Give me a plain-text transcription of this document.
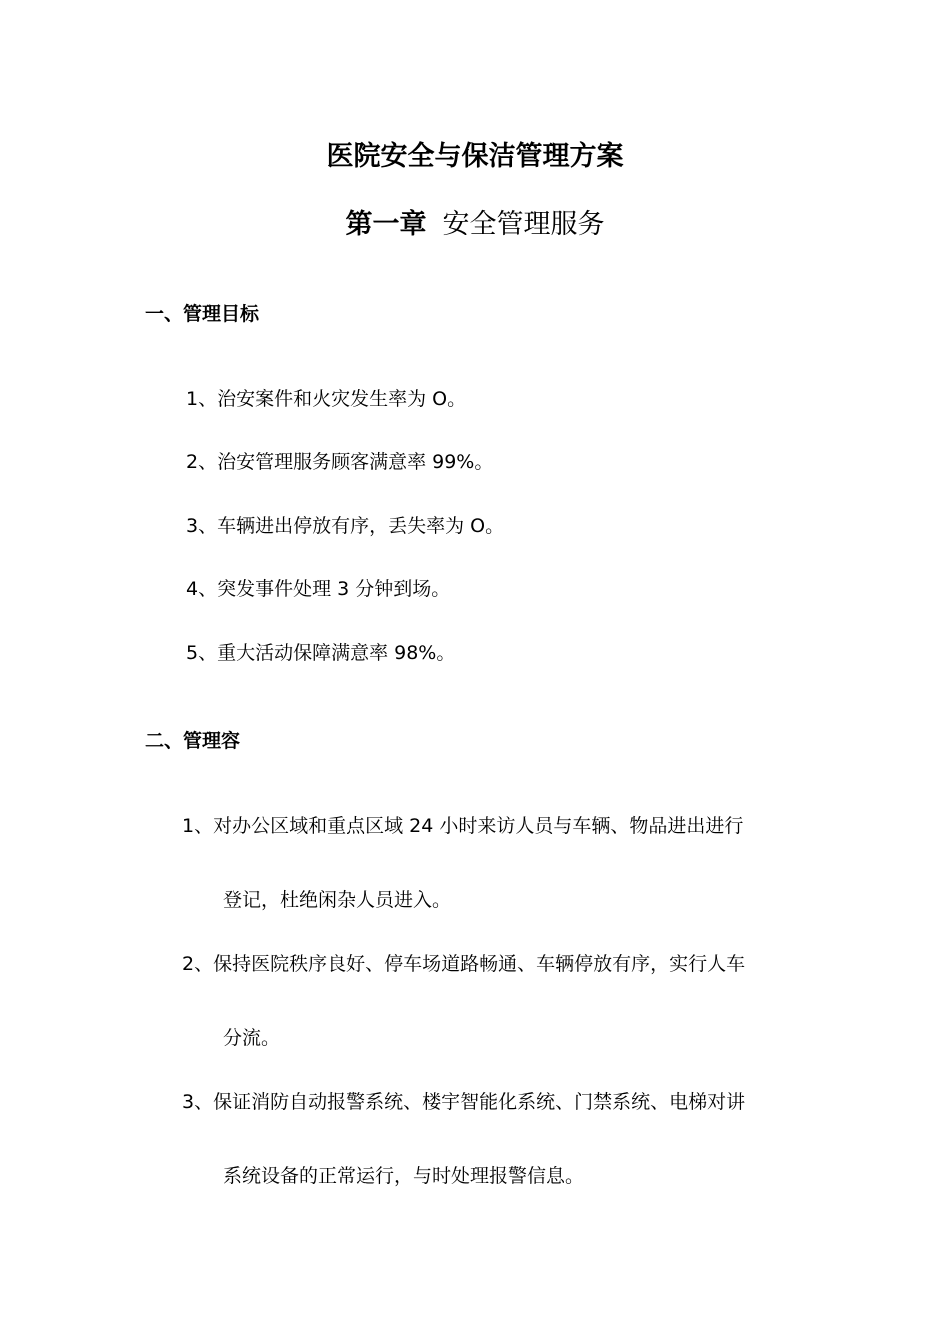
医院安全与保洁管理方案
第一章 安全管理服务
一、管理目标
1、治安案件和火灾发生率为 O。
2、治安管理服务顾客满意率 99%。
3、车辆进出停放有序，丢失率为 O。
4、突发事件处理 3 分钟到场。
5、重大活动保障满意率 98%。
二、管理容
1、对办公区域和重点区域 24 小时来访人员与车辆、物品进出进行
登记，杜绝闲杂人员进入。
2、保持医院秩序良好、停车场道路畅通、车辆停放有序，实行人车
分流。
3、保证消防自动报警系统、楼宇智能化系统、门禁系统、电梯对讲
系统设备的正常运行，与时处理报警信息。
